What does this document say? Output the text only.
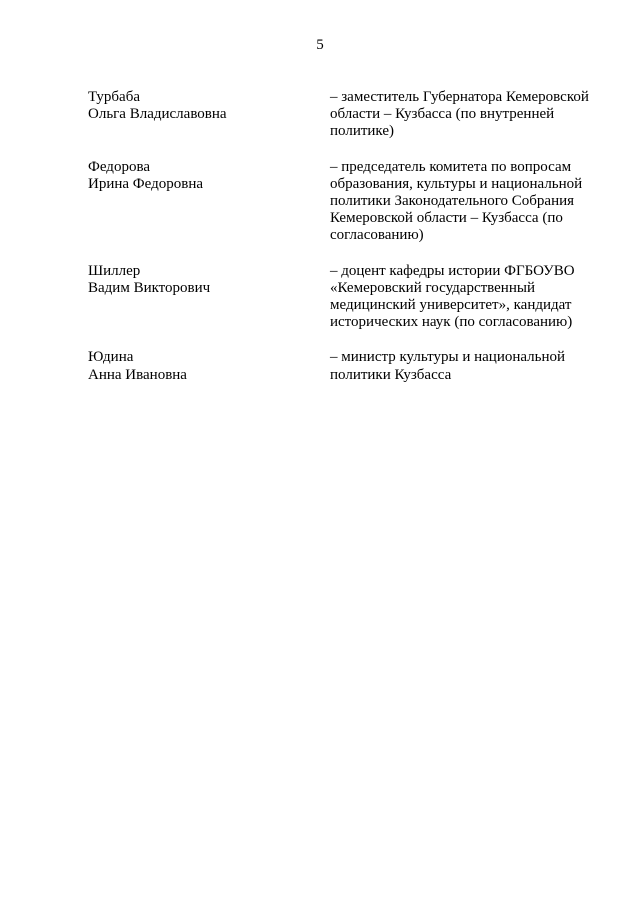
5
Турбаба
Ольга Владиславовна
– заместитель Губернатора Кемеровской области – Кузбасса (по внутренней политике)
Федорова
Ирина Федоровна
– председатель комитета по вопросам образования, культуры и национальной политики Законодательного Собрания Кемеровской области – Кузбасса (по согласованию)
Шиллер
Вадим Викторович
– доцент кафедры истории ФГБОУВО «Кемеровский государственный медицинский университет», кандидат исторических наук (по согласованию)
Юдина
Анна Ивановна
– министр культуры и национальной политики Кузбасса
